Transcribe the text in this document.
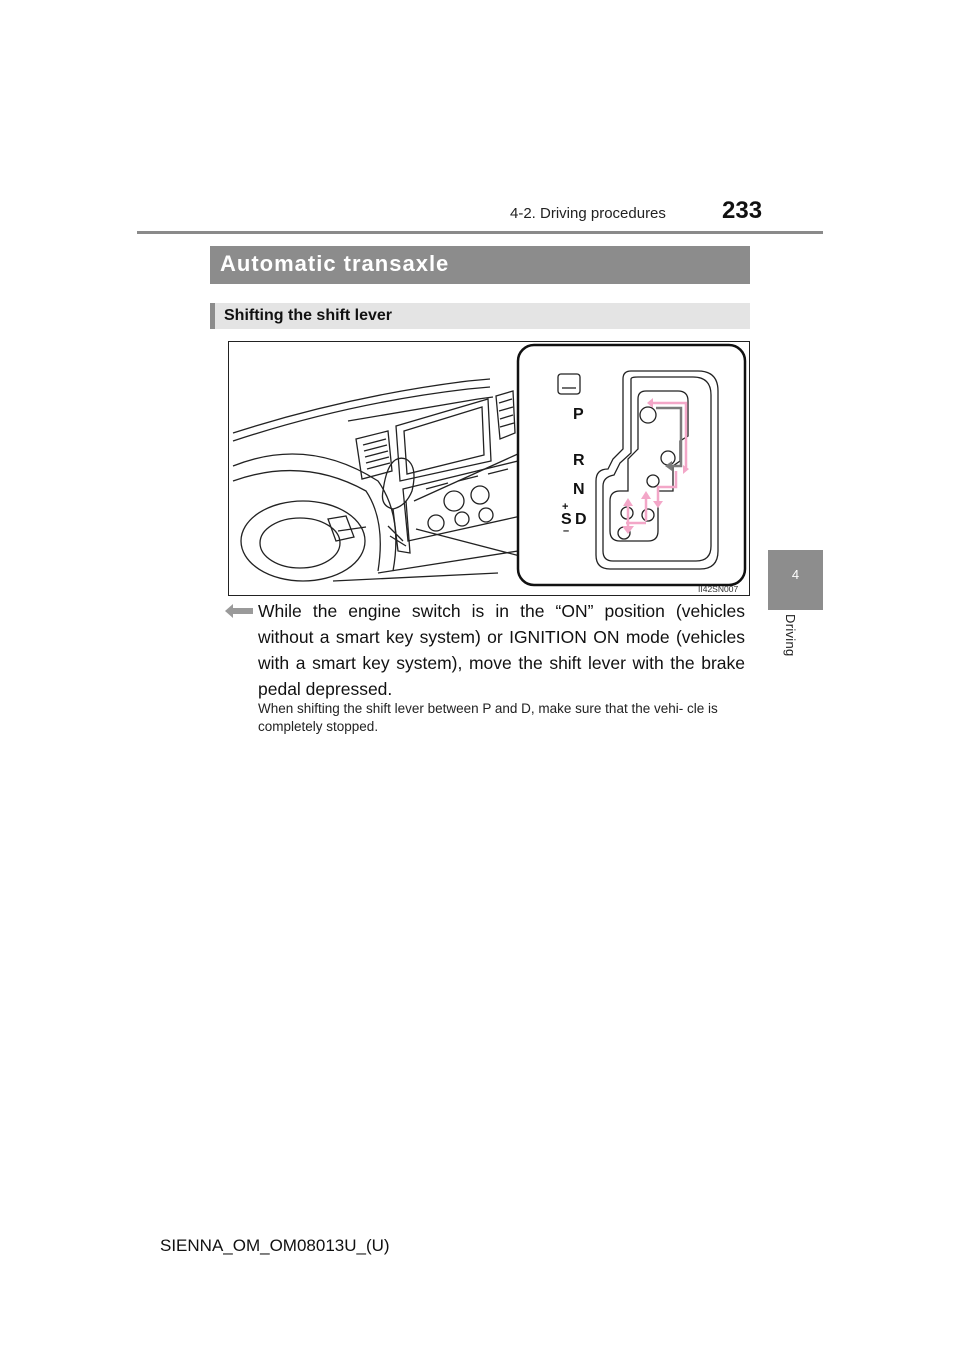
4-2. Driving procedures 233
4
Driving
Automatic transaxle
Shifting the shift lever
P
R
N
D
S
+
–
II42SN007
While the engine switch is in the “ON” position (vehicles without a smart key system) or IGNITION ON mode (vehicles with a smart key system), move the shift lever with the brake pedal depressed.
When shifting the shift lever between P and D, make sure that the vehi- cle is completely stopped.
SIENNA_OM_OM08013U_(U)
